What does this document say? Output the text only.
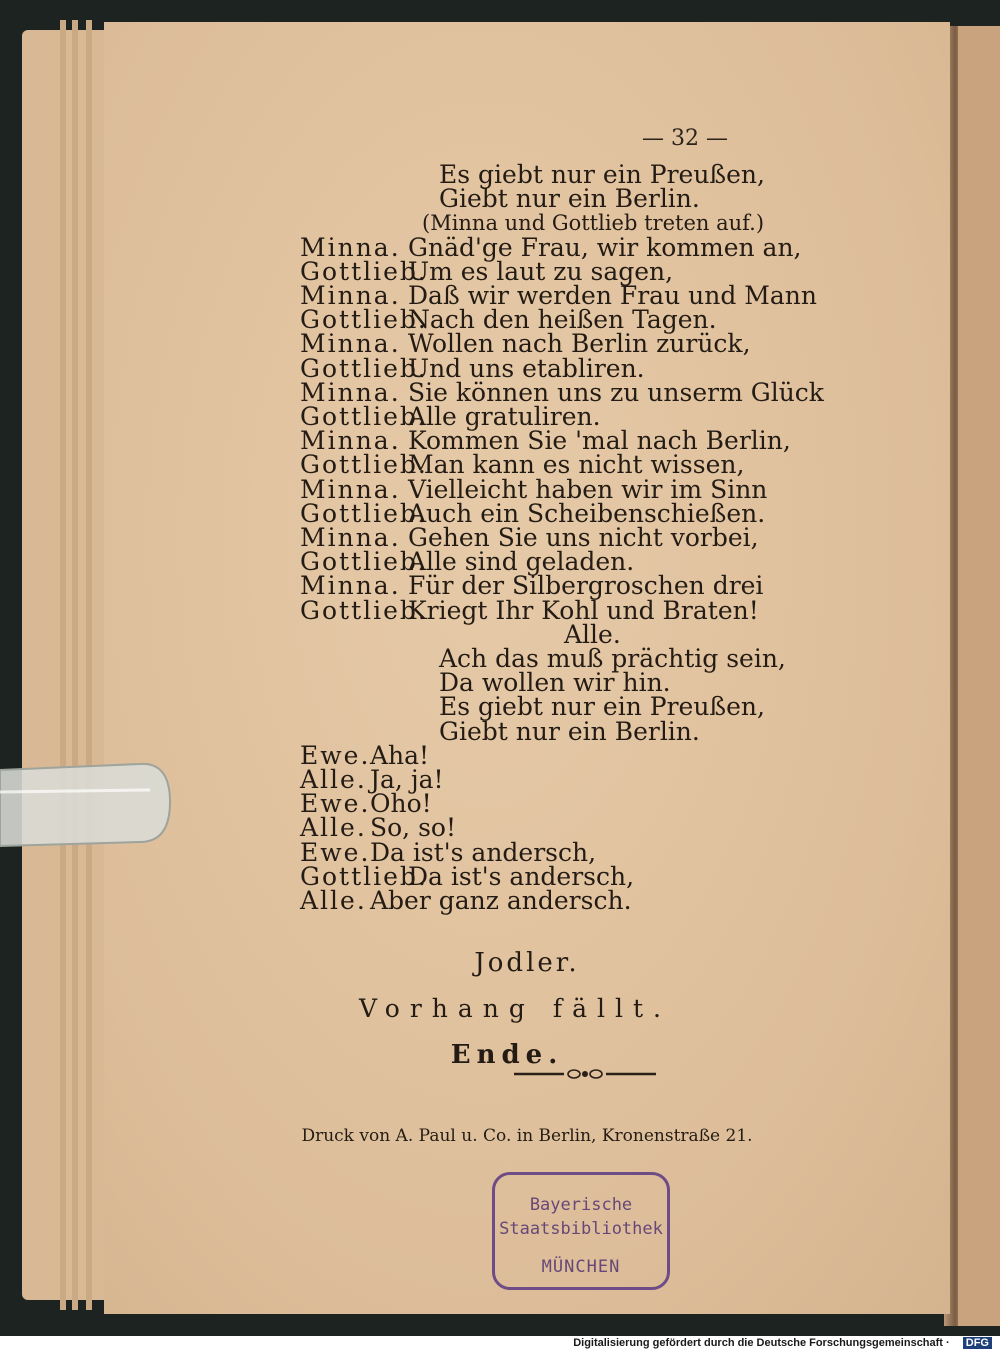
— 32 —
Es giebt nur ein Preußen,
Giebt nur ein Berlin.
(Minna und Gottlieb treten auf.)
Minna. Gnäd'ge Frau, wir kommen an,
Gottlieb.Um es laut zu sagen,
Minna. Daß wir werden Frau und Mann
Gottlieb.Nach den heißen Tagen.
Minna. Wollen nach Berlin zurück,
Gottlieb.Und uns etabliren.
Minna. Sie können uns zu unserm Glück
Gottlieb.Alle gratuliren.
Minna. Kommen Sie 'mal nach Berlin,
Gottlieb.Man kann es nicht wissen,
Minna. Vielleicht haben wir im Sinn
Gottlieb.Auch ein Scheibenschießen.
Minna. Gehen Sie uns nicht vorbei,
Gottlieb.Alle sind geladen.
Minna. Für der Silbergroschen drei
Gottlieb.Kriegt Ihr Kohl und Braten!
Alle.
Ach das muß prächtig sein,
Da wollen wir hin.
Es giebt nur ein Preußen,
Giebt nur ein Berlin.
Ewe.Aha!
Alle. Ja, ja!
Ewe.Oho!
Alle. So, so!
Ewe.Da ist's andersch,
Gottlieb.Da ist's andersch,
Alle. Aber ganz andersch.
Jodler.
Vorhang fällt.
Ende.
Druck von A. Paul u. Co. in Berlin, Kronenstraße 21.
Bayerische
Staatsbibliothek
MÜNCHEN
Digitalisierung gefördert durch die Deutsche Forschungsgemeinschaft · DFG
